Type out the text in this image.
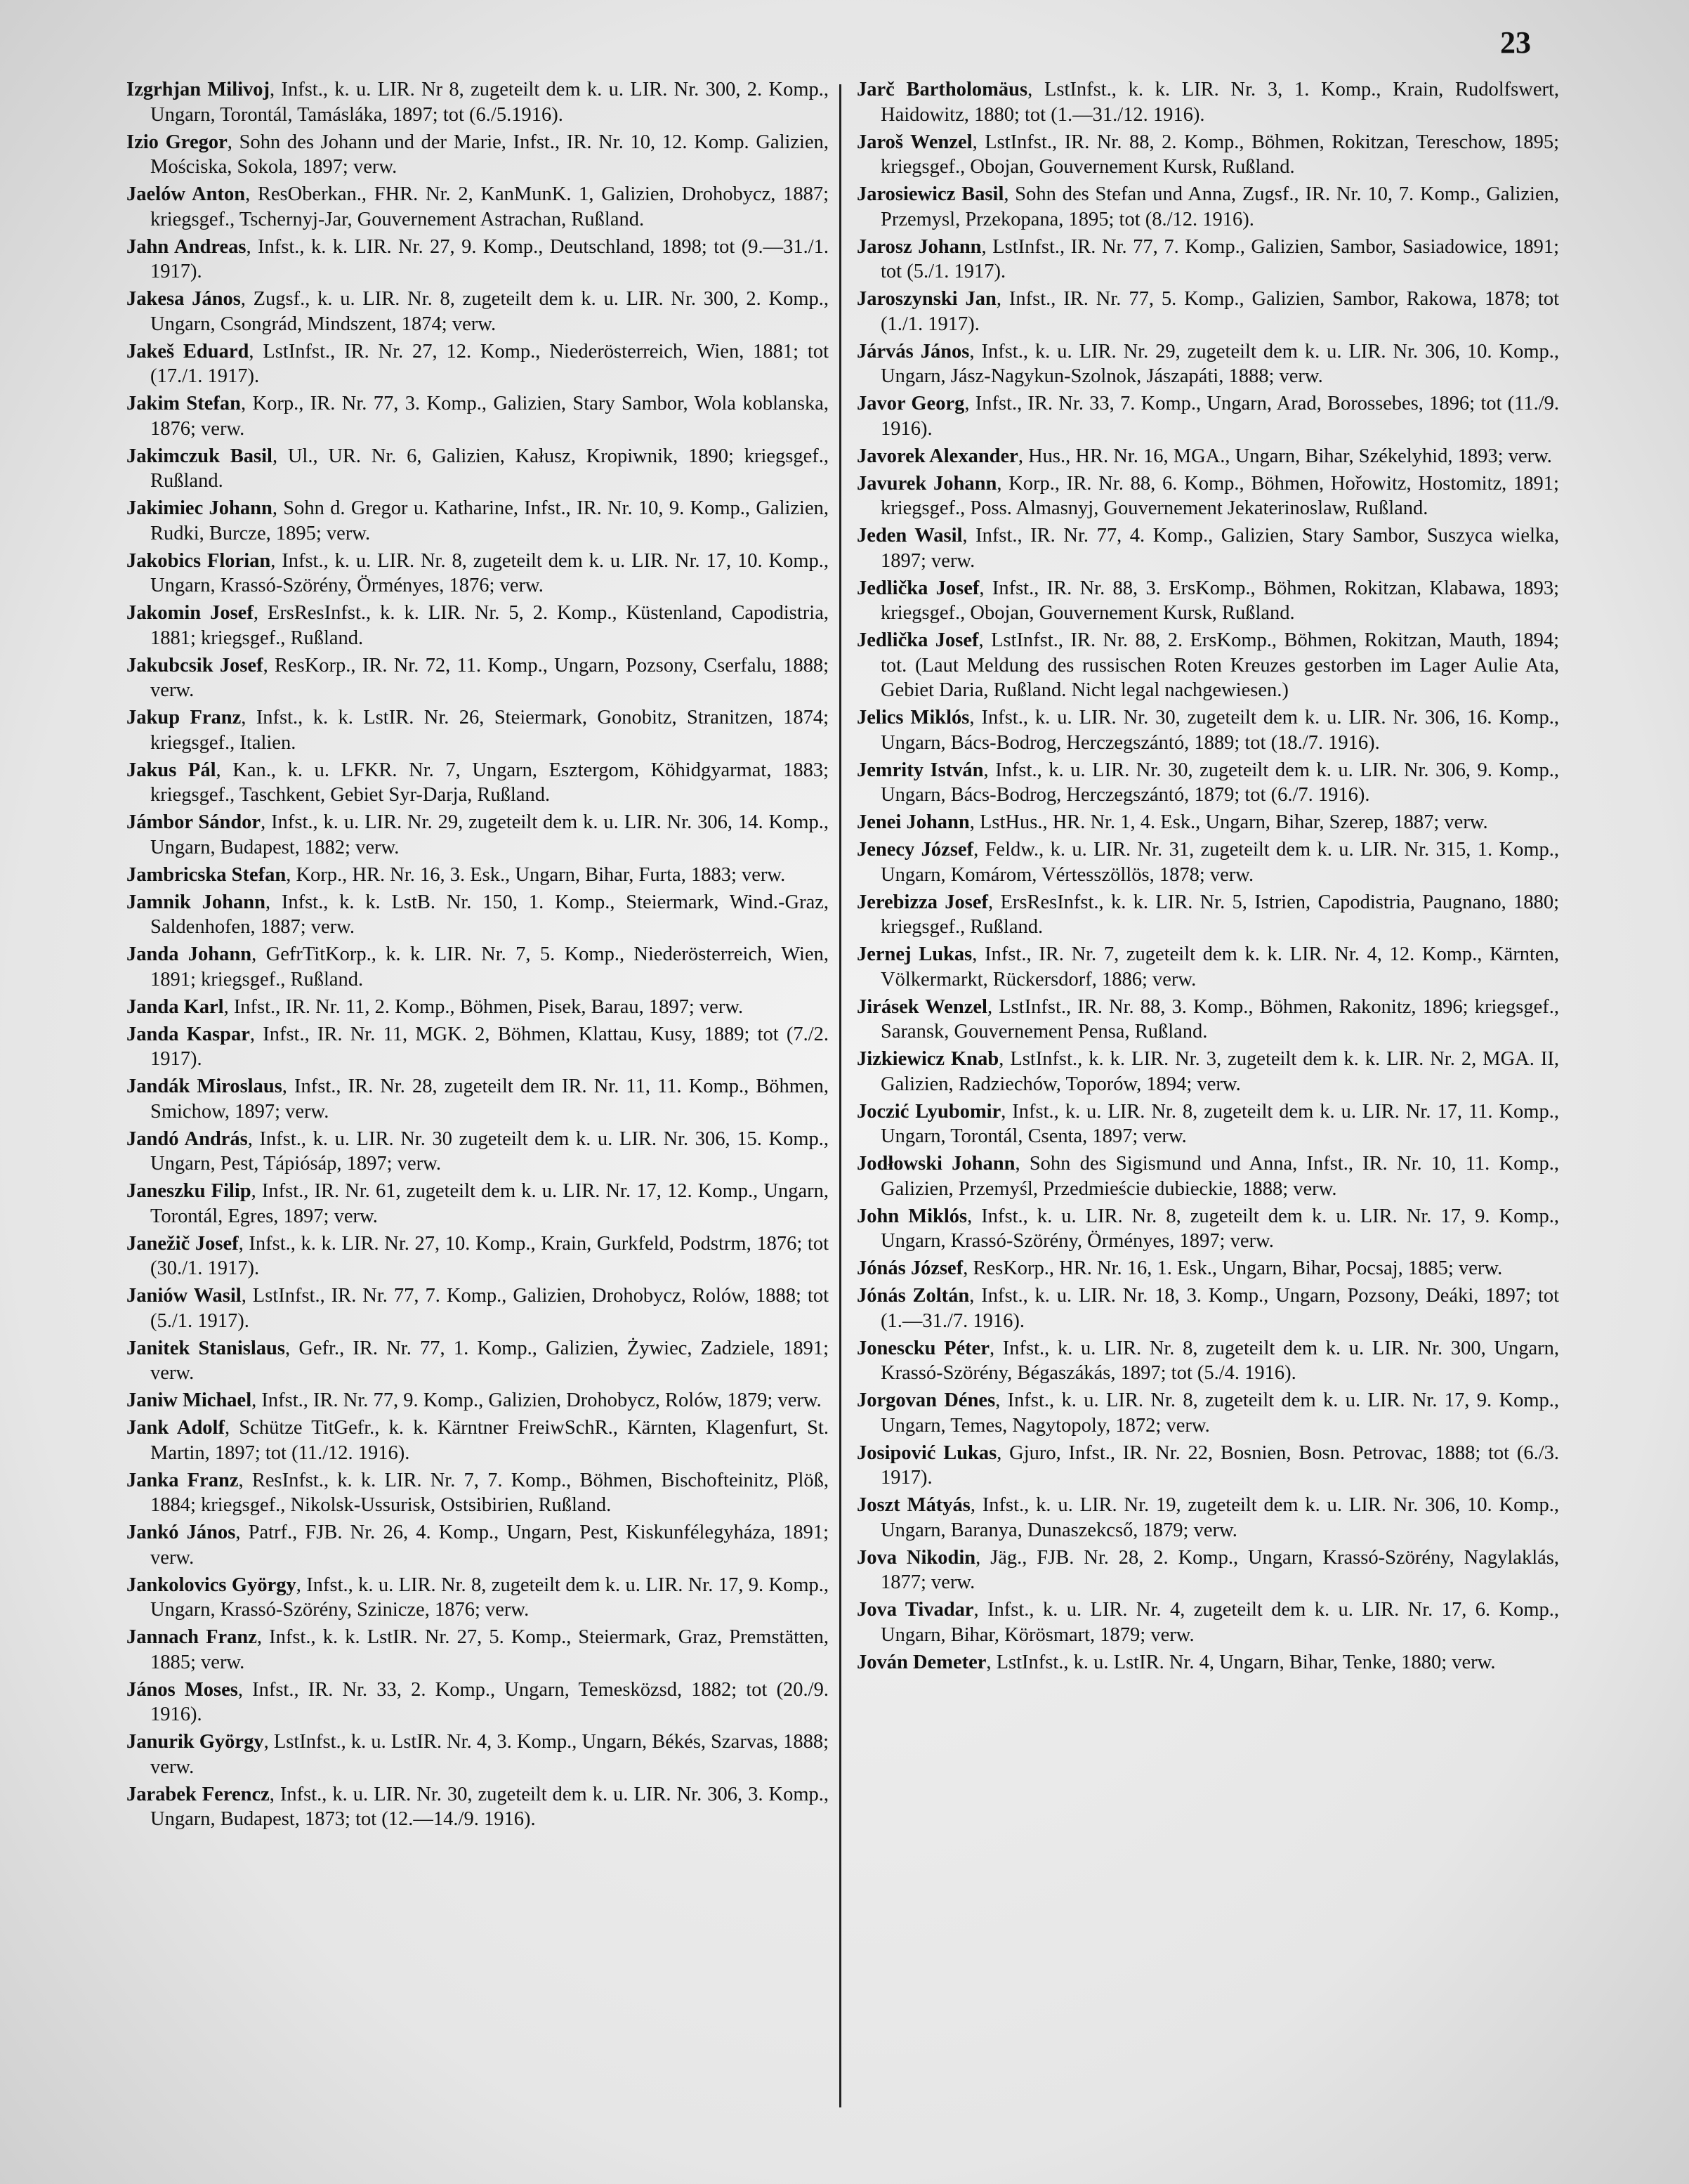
23

Izgrhjan Milivoj, Infst., k. u. LIR. Nr 8, zugeteilt dem k. u. LIR. Nr. 300, 2. Komp., Ungarn, Torontál, Tamásláka, 1897; tot (6./5.1916).

Izio Gregor, Sohn des Johann und der Marie, Infst., IR. Nr. 10, 12. Komp. Galizien, Mościska, Sokola, 1897; verw.

Jaelów Anton, ResOberkan., FHR. Nr. 2, KanMunK. 1, Galizien, Drohobycz, 1887; kriegsgef., Tschernyj-Jar, Gouvernement Astrachan, Rußland.

Jahn Andreas, Infst., k. k. LIR. Nr. 27, 9. Komp., Deutschland, 1898; tot (9.—31./1. 1917).

Jakesa János, Zugsf., k. u. LIR. Nr. 8, zugeteilt dem k. u. LIR. Nr. 300, 2. Komp., Ungarn, Csongrád, Mindszent, 1874; verw.

Jakeš Eduard, LstInfst., IR. Nr. 27, 12. Komp., Niederösterreich, Wien, 1881; tot (17./1. 1917).

Jakim Stefan, Korp., IR. Nr. 77, 3. Komp., Galizien, Stary Sambor, Wola koblanska, 1876; verw.

Jakimczuk Basil, Ul., UR. Nr. 6, Galizien, Kałusz, Kropiwnik, 1890; kriegsgef., Rußland.

Jakimiec Johann, Sohn d. Gregor u. Katharine, Infst., IR. Nr. 10, 9. Komp., Galizien, Rudki, Burcze, 1895; verw.

Jakobics Florian, Infst., k. u. LIR. Nr. 8, zugeteilt dem k. u. LIR. Nr. 17, 10. Komp., Ungarn, Krassó-Szörény, Örményes, 1876; verw.

Jakomin Josef, ErsResInfst., k. k. LIR. Nr. 5, 2. Komp., Küstenland, Capodistria, 1881; kriegsgef., Rußland.

Jakubcsik Josef, ResKorp., IR. Nr. 72, 11. Komp., Ungarn, Pozsony, Cserfalu, 1888; verw.

Jakup Franz, Infst., k. k. LstIR. Nr. 26, Steiermark, Gonobitz, Stranitzen, 1874; kriegsgef., Italien.

Jakus Pál, Kan., k. u. LFKR. Nr. 7, Ungarn, Esztergom, Köhidgyarmat, 1883; kriegsgef., Taschkent, Gebiet Syr-Darja, Rußland.

Jámbor Sándor, Infst., k. u. LIR. Nr. 29, zugeteilt dem k. u. LIR. Nr. 306, 14. Komp., Ungarn, Budapest, 1882; verw.

Jambricska Stefan, Korp., HR. Nr. 16, 3. Esk., Ungarn, Bihar, Furta, 1883; verw.

Jamnik Johann, Infst., k. k. LstB. Nr. 150, 1. Komp., Steiermark, Wind.-Graz, Saldenhofen, 1887; verw.

Janda Johann, GefrTitKorp., k. k. LIR. Nr. 7, 5. Komp., Niederösterreich, Wien, 1891; kriegsgef., Rußland.

Janda Karl, Infst., IR. Nr. 11, 2. Komp., Böhmen, Pisek, Barau, 1897; verw.

Janda Kaspar, Infst., IR. Nr. 11, MGK. 2, Böhmen, Klattau, Kusy, 1889; tot (7./2. 1917).

Jandák Miroslaus, Infst., IR. Nr. 28, zugeteilt dem IR. Nr. 11, 11. Komp., Böhmen, Smichow, 1897; verw.

Jandó András, Infst., k. u. LIR. Nr. 30 zugeteilt dem k. u. LIR. Nr. 306, 15. Komp., Ungarn, Pest, Tápiósáp, 1897; verw.

Janeszku Filip, Infst., IR. Nr. 61, zugeteilt dem k. u. LIR. Nr. 17, 12. Komp., Ungarn, Torontál, Egres, 1897; verw.

Janežič Josef, Infst., k. k. LIR. Nr. 27, 10. Komp., Krain, Gurkfeld, Podstrm, 1876; tot (30./1. 1917).

Janiów Wasil, LstInfst., IR. Nr. 77, 7. Komp., Galizien, Drohobycz, Rolów, 1888; tot (5./1. 1917).

Janitek Stanislaus, Gefr., IR. Nr. 77, 1. Komp., Galizien, Żywiec, Zadziele, 1891; verw.

Janiw Michael, Infst., IR. Nr. 77, 9. Komp., Galizien, Drohobycz, Rolów, 1879; verw.

Jank Adolf, Schütze TitGefr., k. k. Kärntner FreiwSchR., Kärnten, Klagenfurt, St. Martin, 1897; tot (11./12. 1916).

Janka Franz, ResInfst., k. k. LIR. Nr. 7, 7. Komp., Böhmen, Bischofteinitz, Plöß, 1884; kriegsgef., Nikolsk-Ussurisk, Ostsibirien, Rußland.

Jankó János, Patrf., FJB. Nr. 26, 4. Komp., Ungarn, Pest, Kiskunfélegyháza, 1891; verw.

Jankolovics György, Infst., k. u. LIR. Nr. 8, zugeteilt dem k. u. LIR. Nr. 17, 9. Komp., Ungarn, Krassó-Szörény, Szinicze, 1876; verw.

Jannach Franz, Infst., k. k. LstIR. Nr. 27, 5. Komp., Steiermark, Graz, Premstätten, 1885; verw.

János Moses, Infst., IR. Nr. 33, 2. Komp., Ungarn, Temesközsd, 1882; tot (20./9. 1916).

Janurik György, LstInfst., k. u. LstIR. Nr. 4, 3. Komp., Ungarn, Békés, Szarvas, 1888; verw.

Jarabek Ferencz, Infst., k. u. LIR. Nr. 30, zugeteilt dem k. u. LIR. Nr. 306, 3. Komp., Ungarn, Budapest, 1873; tot (12.—14./9. 1916).

Jarč Bartholomäus, LstInfst., k. k. LIR. Nr. 3, 1. Komp., Krain, Rudolfswert, Haidowitz, 1880; tot (1.—31./12. 1916).

Jaroš Wenzel, LstInfst., IR. Nr. 88, 2. Komp., Böhmen, Rokitzan, Tereschow, 1895; kriegsgef., Obojan, Gouvernement Kursk, Rußland.

Jarosiewicz Basil, Sohn des Stefan und Anna, Zugsf., IR. Nr. 10, 7. Komp., Galizien, Przemysl, Przekopana, 1895; tot (8./12. 1916).

Jarosz Johann, LstInfst., IR. Nr. 77, 7. Komp., Galizien, Sambor, Sasiadowice, 1891; tot (5./1. 1917).

Jaroszynski Jan, Infst., IR. Nr. 77, 5. Komp., Galizien, Sambor, Rakowa, 1878; tot (1./1. 1917).

Járvás János, Infst., k. u. LIR. Nr. 29, zugeteilt dem k. u. LIR. Nr. 306, 10. Komp., Ungarn, Jász-Nagykun-Szolnok, Jászapáti, 1888; verw.

Javor Georg, Infst., IR. Nr. 33, 7. Komp., Ungarn, Arad, Borossebes, 1896; tot (11./9. 1916).

Javorek Alexander, Hus., HR. Nr. 16, MGA., Ungarn, Bihar, Székelyhid, 1893; verw.

Javurek Johann, Korp., IR. Nr. 88, 6. Komp., Böhmen, Hořowitz, Hostomitz, 1891; kriegsgef., Poss. Almasnyj, Gouvernement Jekaterinoslaw, Rußland.

Jeden Wasil, Infst., IR. Nr. 77, 4. Komp., Galizien, Stary Sambor, Suszyca wielka, 1897; verw.

Jedlička Josef, Infst., IR. Nr. 88, 3. ErsKomp., Böhmen, Rokitzan, Klabawa, 1893; kriegsgef., Obojan, Gouvernement Kursk, Rußland.

Jedlička Josef, LstInfst., IR. Nr. 88, 2. ErsKomp., Böhmen, Rokitzan, Mauth, 1894; tot. (Laut Meldung des russischen Roten Kreuzes gestorben im Lager Aulie Ata, Gebiet Daria, Rußland. Nicht legal nachgewiesen.)

Jelics Miklós, Infst., k. u. LIR. Nr. 30, zugeteilt dem k. u. LIR. Nr. 306, 16. Komp., Ungarn, Bács-Bodrog, Herczegszántó, 1889; tot (18./7. 1916).

Jemrity István, Infst., k. u. LIR. Nr. 30, zugeteilt dem k. u. LIR. Nr. 306, 9. Komp., Ungarn, Bács-Bodrog, Herczegszántó, 1879; tot (6./7. 1916).

Jenei Johann, LstHus., HR. Nr. 1, 4. Esk., Ungarn, Bihar, Szerep, 1887; verw.

Jenecy József, Feldw., k. u. LIR. Nr. 31, zugeteilt dem k. u. LIR. Nr. 315, 1. Komp., Ungarn, Komárom, Vértesszöllös, 1878; verw.

Jerebizza Josef, ErsResInfst., k. k. LIR. Nr. 5, Istrien, Capodistria, Paugnano, 1880; kriegsgef., Rußland.

Jernej Lukas, Infst., IR. Nr. 7, zugeteilt dem k. k. LIR. Nr. 4, 12. Komp., Kärnten, Völkermarkt, Rückersdorf, 1886; verw.

Jirásek Wenzel, LstInfst., IR. Nr. 88, 3. Komp., Böhmen, Rakonitz, 1896; kriegsgef., Saransk, Gouvernement Pensa, Rußland.

Jizkiewicz Knab, LstInfst., k. k. LIR. Nr. 3, zugeteilt dem k. k. LIR. Nr. 2, MGA. II, Galizien, Radziechów, Toporów, 1894; verw.

Joczić Lyubomir, Infst., k. u. LIR. Nr. 8, zugeteilt dem k. u. LIR. Nr. 17, 11. Komp., Ungarn, Torontál, Csenta, 1897; verw.

Jodłowski Johann, Sohn des Sigismund und Anna, Infst., IR. Nr. 10, 11. Komp., Galizien, Przemyśl, Przedmieście dubieckie, 1888; verw.

John Miklós, Infst., k. u. LIR. Nr. 8, zugeteilt dem k. u. LIR. Nr. 17, 9. Komp., Ungarn, Krassó-Szörény, Örményes, 1897; verw.

Jónás József, ResKorp., HR. Nr. 16, 1. Esk., Ungarn, Bihar, Pocsaj, 1885; verw.

Jónás Zoltán, Infst., k. u. LIR. Nr. 18, 3. Komp., Ungarn, Pozsony, Deáki, 1897; tot (1.—31./7. 1916).

Jonescku Péter, Infst., k. u. LIR. Nr. 8, zugeteilt dem k. u. LIR. Nr. 300, Ungarn, Krassó-Szörény, Bégaszákás, 1897; tot (5./4. 1916).

Jorgovan Dénes, Infst., k. u. LIR. Nr. 8, zugeteilt dem k. u. LIR. Nr. 17, 9. Komp., Ungarn, Temes, Nagytopoly, 1872; verw.

Josipović Lukas, Gjuro, Infst., IR. Nr. 22, Bosnien, Bosn. Petrovac, 1888; tot (6./3. 1917).

Joszt Mátyás, Infst., k. u. LIR. Nr. 19, zugeteilt dem k. u. LIR. Nr. 306, 10. Komp., Ungarn, Baranya, Dunaszekcső, 1879; verw.

Jova Nikodin, Jäg., FJB. Nr. 28, 2. Komp., Ungarn, Krassó-Szörény, Nagylaklás, 1877; verw.

Jova Tivadar, Infst., k. u. LIR. Nr. 4, zugeteilt dem k. u. LIR. Nr. 17, 6. Komp., Ungarn, Bihar, Körösmart, 1879; verw.

Jován Demeter, LstInfst., k. u. LstIR. Nr. 4, Ungarn, Bihar, Tenke, 1880; verw.
